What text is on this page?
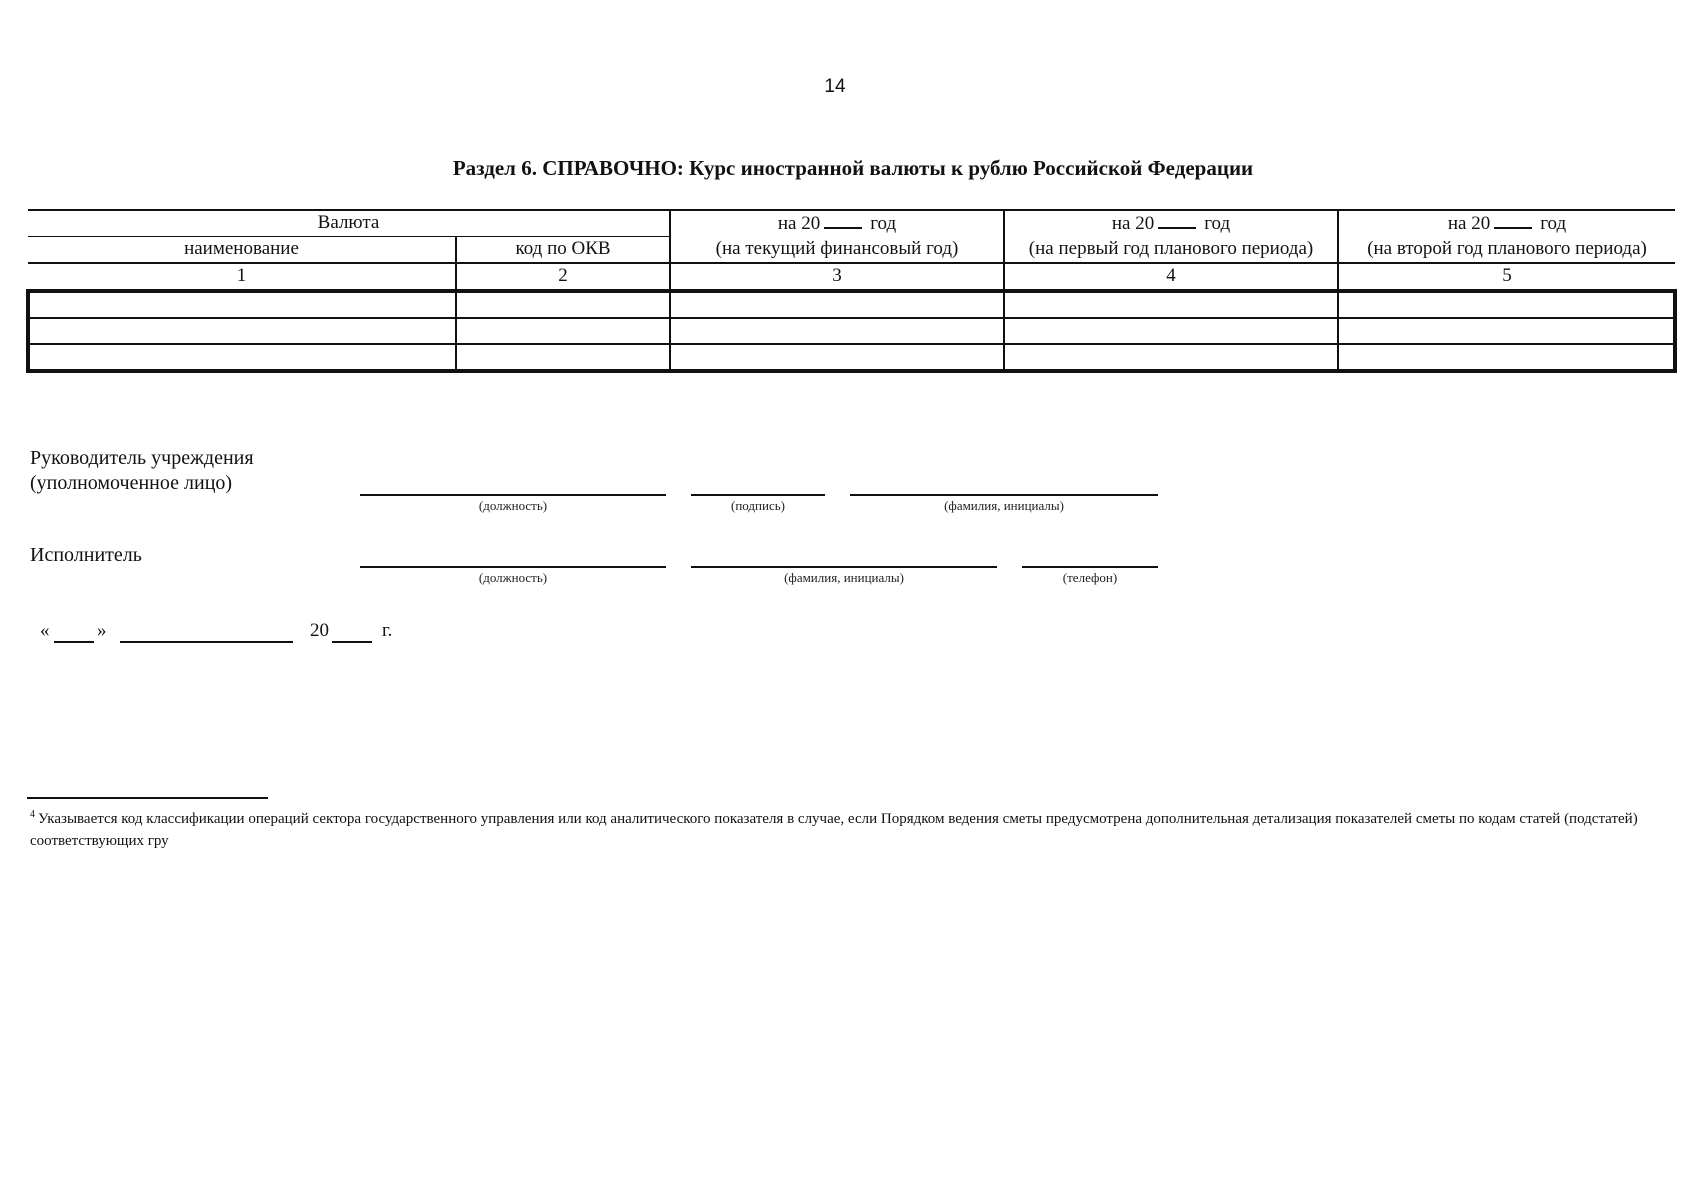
14
Раздел 6. СПРАВОЧНО: Курс иностранной валюты к рублю Российской Федерации
Валюта		на 20 год	на 20 год	на 20 год
наименование	код по ОКВ	(на текущий финансовый год)	(на первый год планового периода)	(на второй год планового периода)
1	2	3	4	5

Руководитель учреждения
(уполномоченное лицо)
(должность)	(подпись)	(фамилия, инициалы)
Исполнитель
(должность)	(фамилия, инициалы)	(телефон)
«	»	20	г.
$^4$ Указывается код классификации операций сектора государственного управления или код аналитического показателя в случае, если Порядком ведения сметы предусмотрена дополнительная детализация показателей сметы по кодам статей (подстатей) соответствующих гру
